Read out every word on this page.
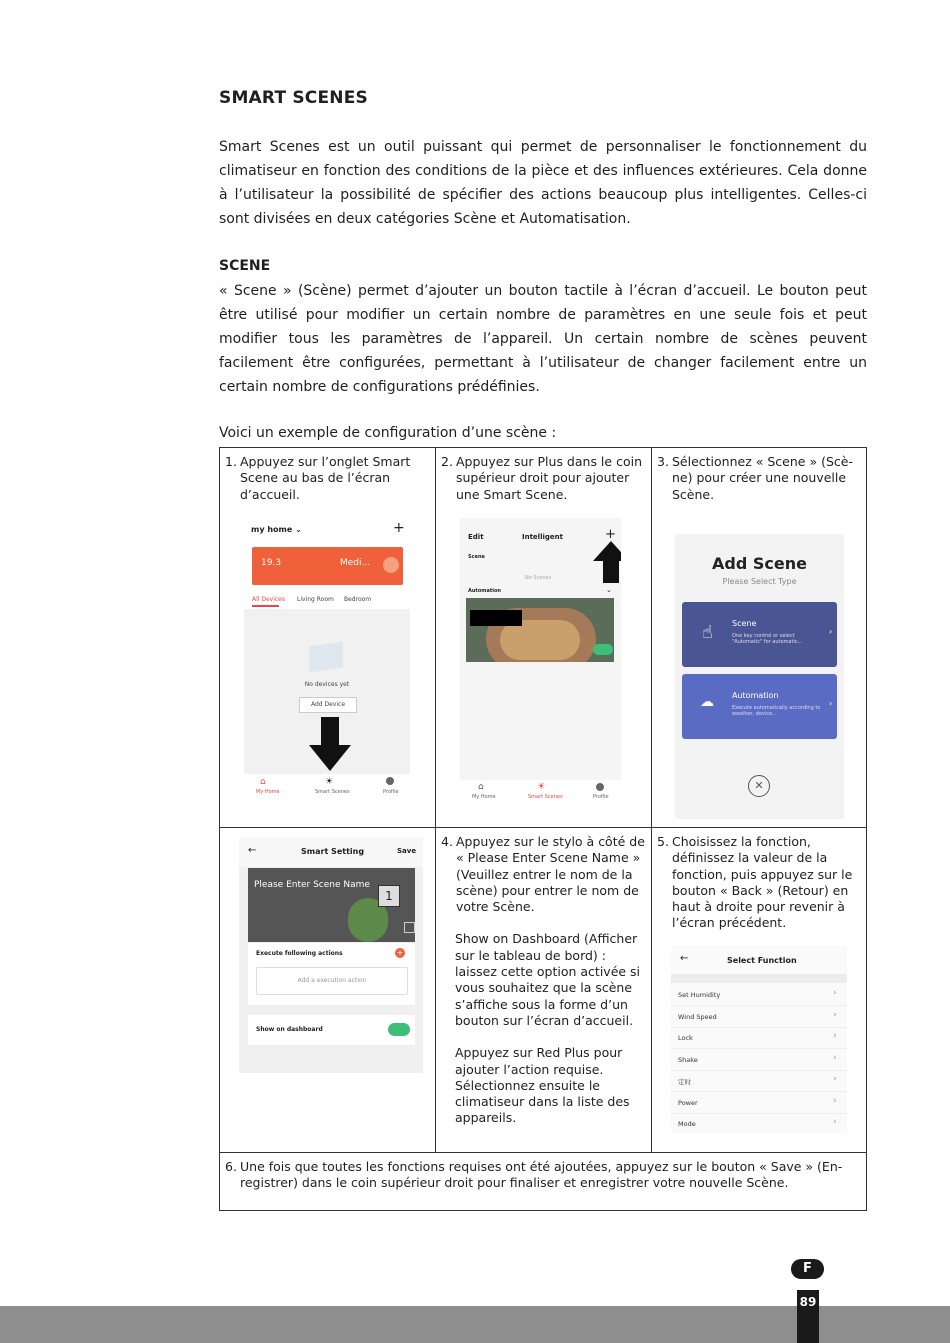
SMART SCENES
Smart Scenes est un outil puissant qui permet de personnaliser le fonctionnement du climatiseur en fonction des conditions de la pièce et des influences extérieures. Cela donne à l’utilisateur la possibilité de spécifier des actions beaucoup plus intelligentes. Celles-ci sont divisées en deux catégories Scène et Automatisation.
SCENE
« Scene » (Scène) permet d’ajouter un bouton tactile à l’écran d’accueil. Le bouton peut être utilisé pour modifier un certain nombre de paramètres en une seule fois et peut modifier tous les paramètres de l’appareil. Un certain nombre de scènes peuvent facilement être configurées, permettant à l’utilisateur de changer facilement entre un certain nombre de configurations prédéfinies.
Voici un exemple de configuration d’une scène :
1. Appuyez sur l’onglet Smart Scene au bas de l’écran d’accueil.
2. Appuyez sur Plus dans le coin supérieur droit pour ajouter une Smart Scene.
3. Sélectionnez « Scene » (Scène) pour créer une nouvelle Scène.
4. Appuyez sur le stylo à côté de « Please Enter Scene Name » (Veuillez entrer le nom de la scène) pour entrer le nom de votre Scène.
Show on Dashboard (Afficher sur le tableau de bord) : laissez cette option activée si vous souhaitez que la scène s’affiche sous la forme d’un bouton sur l’écran d’accueil.
Appuyez sur Red Plus pour ajouter l’action requise. Sélectionnez ensuite le climatiseur dans la liste des appareils.
5. Choisissez la fonction, définissez la valeur de la fonction, puis appuyez sur le bouton « Back » (Retour) en haut à droite pour revenir à l’écran précédent.
6. Une fois que toutes les fonctions requises ont été ajoutées, appuyez sur le bouton « Save » (Enregistrer) dans le coin supérieur droit pour finaliser et enregistrer votre nouvelle Scène.
my home ⌄	+
19.3	Medi...
All Devices Living Room Bedroom
No devices yet
Add Device
⌂	☀
My Home	Smart Scenes	Profile
Edit	Intelligent	+
Scene
No Scenes
Automation	⌄
⌂	☀
My Home	Smart Scenes	Profile
Add Scene
Please Select Type
☝ Scene
One key control or select "Automatic" for automatic...
›
☁ Automation
Execute automatically according to weather, device...
›
✕
←	Smart Setting	Save
Please Enter Scene Name
1
Execute following actions	+
Add a execution action
Show on dashboard
←	Select Function
Set Humidity	›
Wind Speed	›
Lock	›
Shake	›
定时	›
Power	›
Mode	›
F
89
